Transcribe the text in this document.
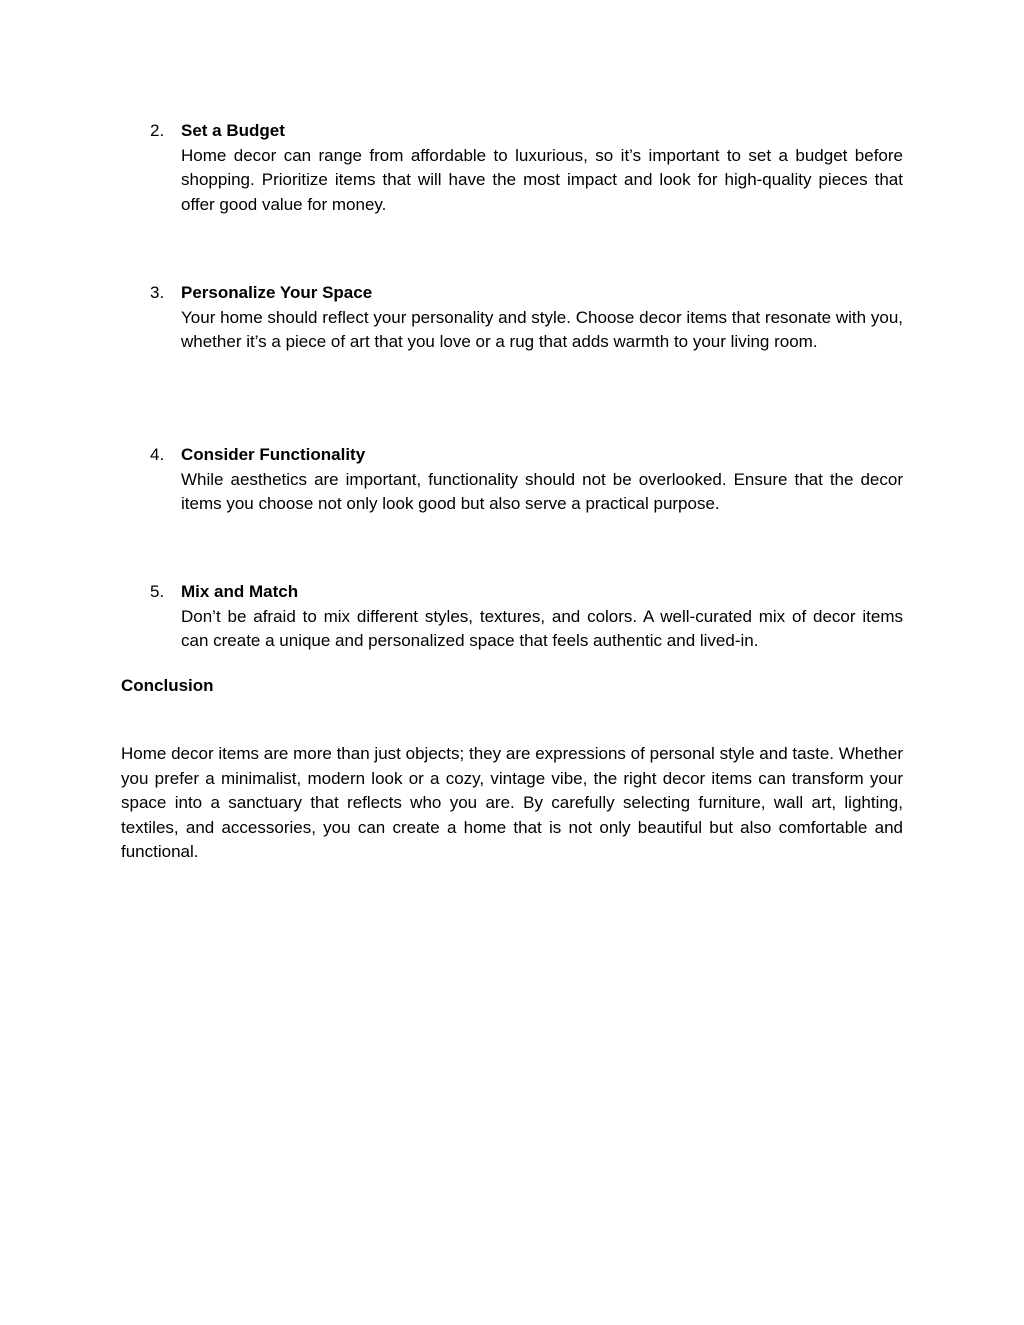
2. Set a Budget

Home decor can range from affordable to luxurious, so it’s important to set a budget before shopping. Prioritize items that will have the most impact and look for high-quality pieces that offer good value for money.

3. Personalize Your Space

Your home should reflect your personality and style. Choose decor items that resonate with you, whether it’s a piece of art that you love or a rug that adds warmth to your living room.

4. Consider Functionality

While aesthetics are important, functionality should not be overlooked. Ensure that the decor items you choose not only look good but also serve a practical purpose.

5. Mix and Match

Don’t be afraid to mix different styles, textures, and colors. A well-curated mix of decor items can create a unique and personalized space that feels authentic and lived-in.

Conclusion

Home decor items are more than just objects; they are expressions of personal style and taste. Whether you prefer a minimalist, modern look or a cozy, vintage vibe, the right decor items can transform your space into a sanctuary that reflects who you are. By carefully selecting furniture, wall art, lighting, textiles, and accessories, you can create a home that is not only beautiful but also comfortable and functional.
